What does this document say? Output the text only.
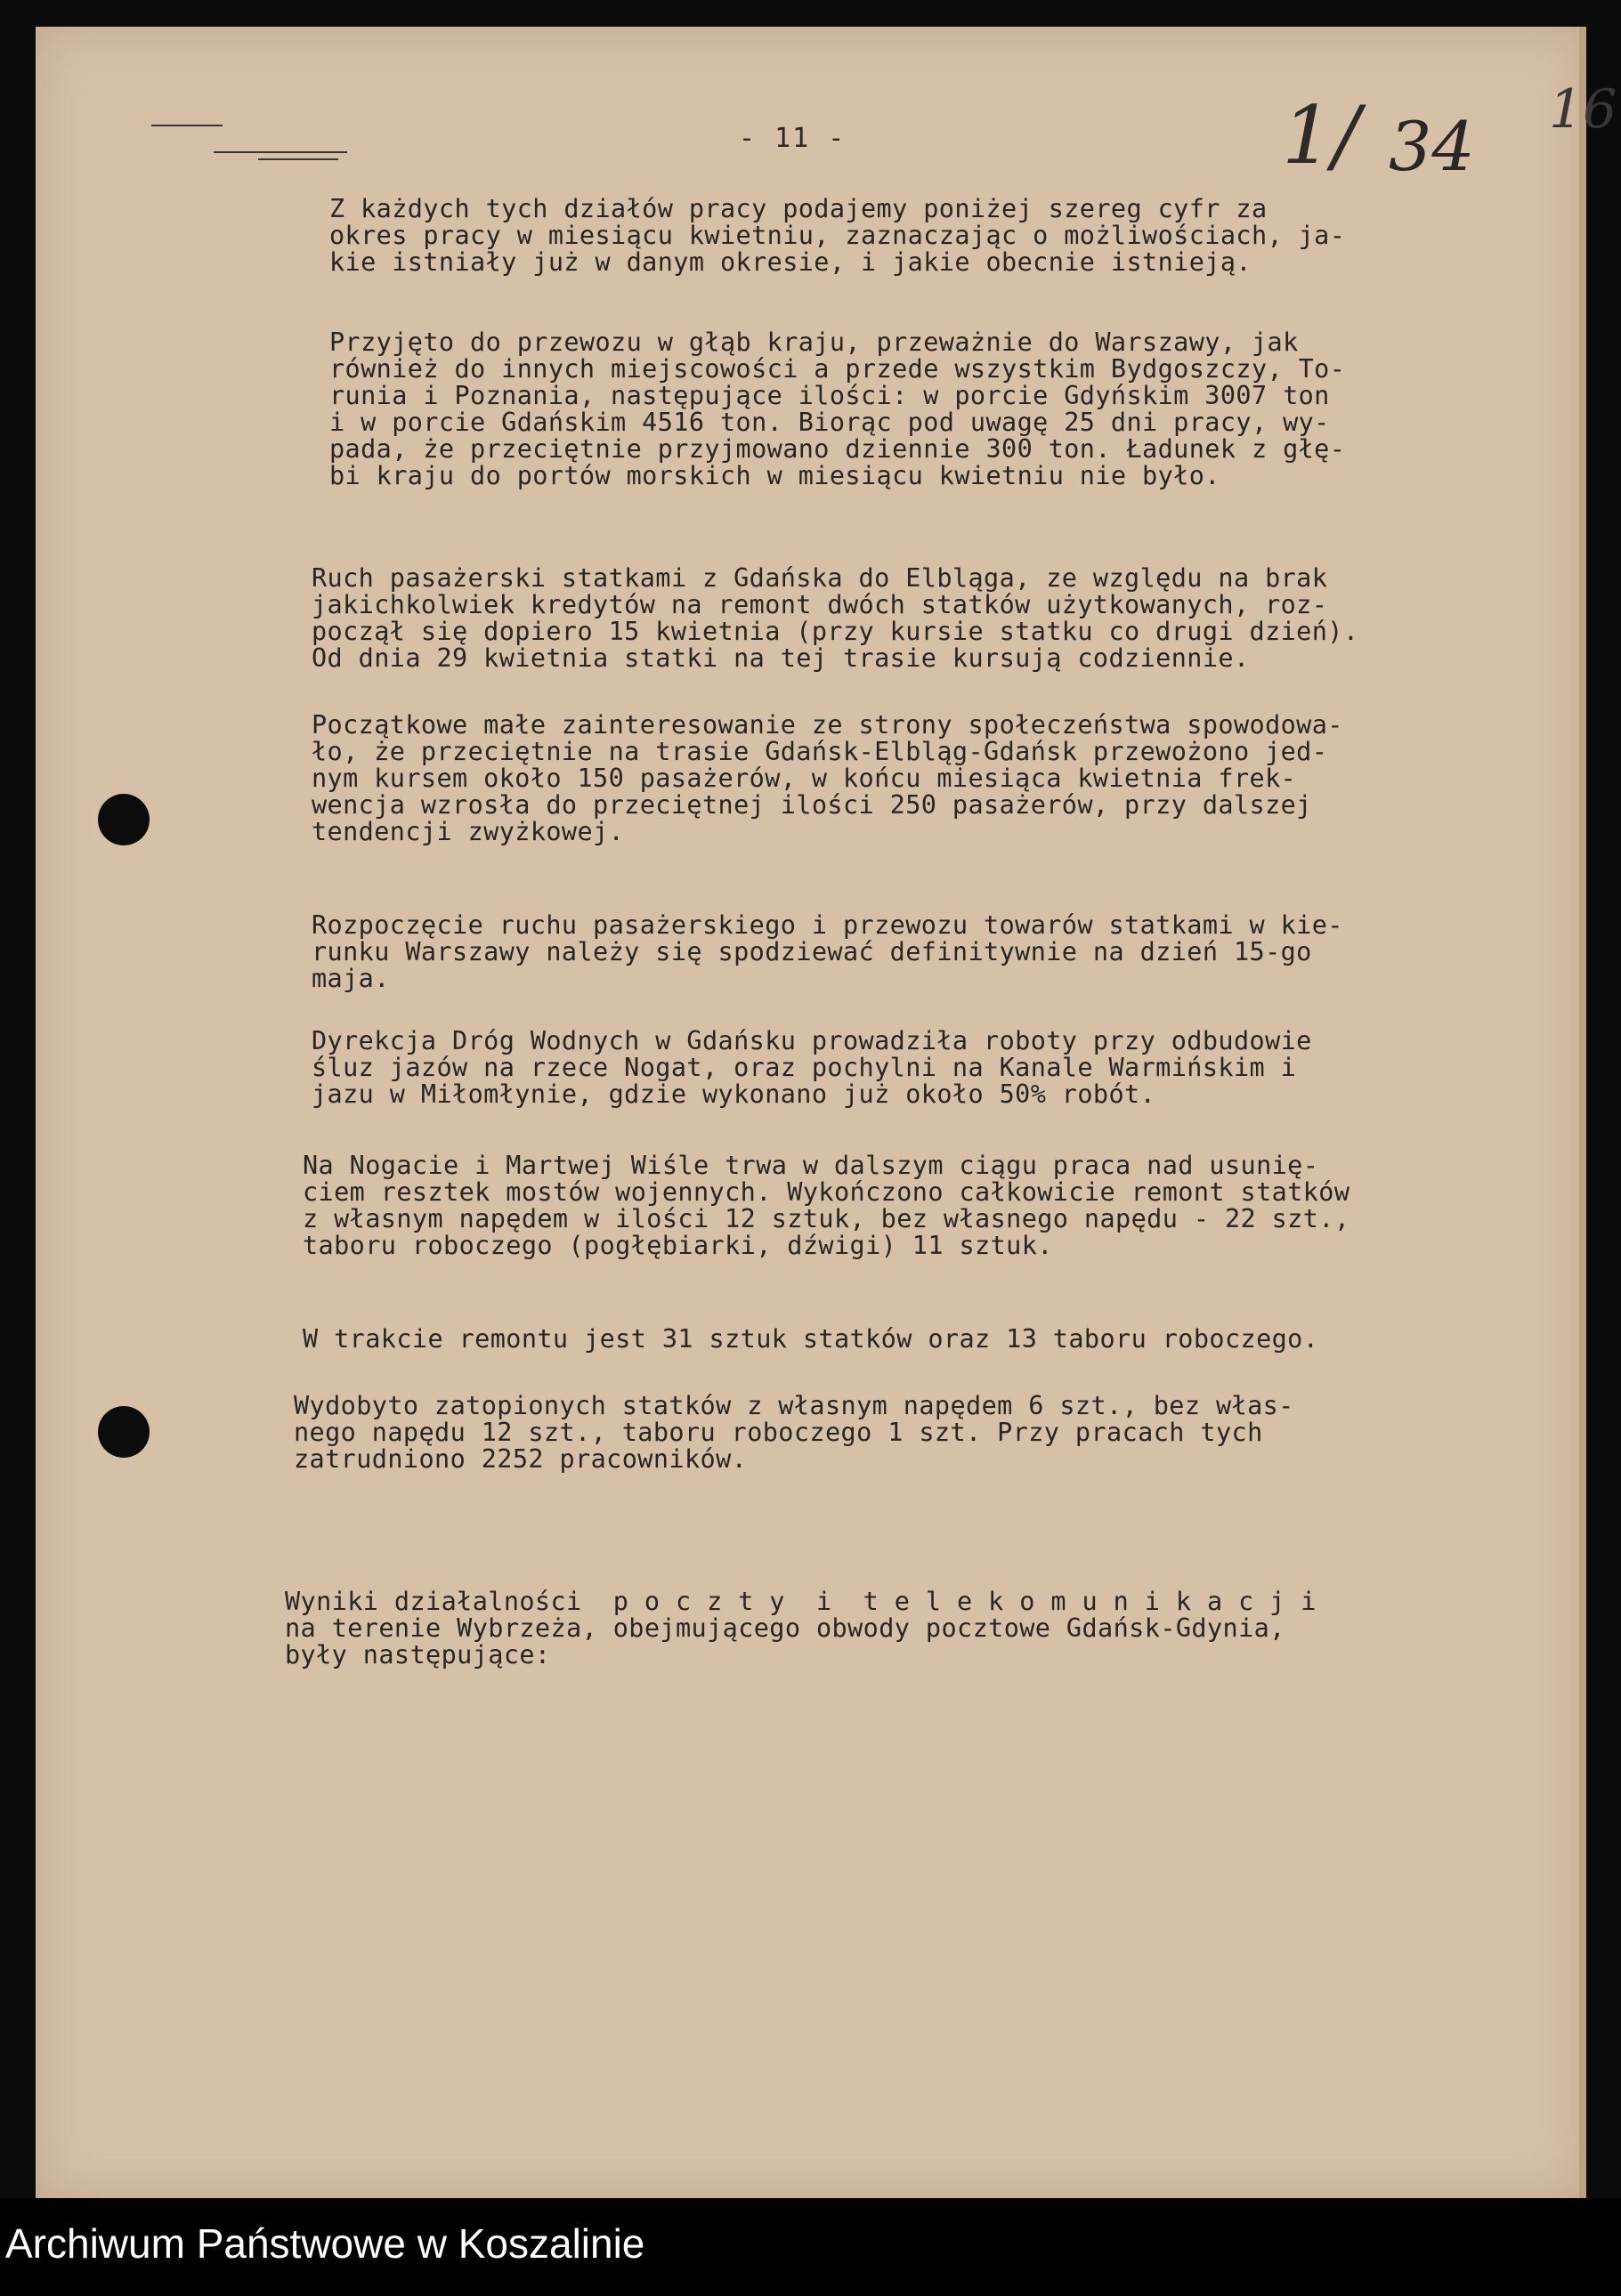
- 11 -	1/ 34 16

Z każdych tych działów pracy podajemy poniżej szereg cyfr za
okres pracy w miesiącu kwietniu, zaznaczając o możliwościach, ja-
kie istniały już w danym okresie, i jakie obecnie istnieją.

Przyjęto do przewozu w głąb kraju, przeważnie do Warszawy, jak
również do innych miejscowości a przede wszystkim Bydgoszczy, To-
runia i Poznania, następujące ilości: w porcie Gdyńskim 3007 ton
i w porcie Gdańskim 4516 ton. Biorąc pod uwagę 25 dni pracy, wy-
pada, że przeciętnie przyjmowano dziennie 300 ton. Ładunek z głę-
bi kraju do portów morskich w miesiącu kwietniu nie było.

Ruch pasażerski statkami z Gdańska do Elbląga, ze względu na brak
jakichkolwiek kredytów na remont dwóch statków użytkowanych, roz-
począł się dopiero 15 kwietnia (przy kursie statku co drugi dzień).
Od dnia 29 kwietnia statki na tej trasie kursują codziennie.

Początkowe małe zainteresowanie ze strony społeczeństwa spowodowa-
ło, że przeciętnie na trasie Gdańsk-Elbląg-Gdańsk przewożono jed-
nym kursem około 150 pasażerów, w końcu miesiąca kwietnia frek-
wencja wzrosła do przeciętnej ilości 250 pasażerów, przy dalszej
tendencji zwyżkowej.

Rozpoczęcie ruchu pasażerskiego i przewozu towarów statkami w kie-
runku Warszawy należy się spodziewać definitywnie na dzień 15-go
maja.

Dyrekcja Dróg Wodnych w Gdańsku prowadziła roboty przy odbudowie
śluz jazów na rzece Nogat, oraz pochylni na Kanale Warmińskim i
jazu w Miłomłynie, gdzie wykonano już około 50% robót.

Na Nogacie i Martwej Wiśle trwa w dalszym ciągu praca nad usunię-
ciem resztek mostów wojennych. Wykończono całkowicie remont statków
z własnym napędem w ilości 12 sztuk, bez własnego napędu - 22 szt.,
taboru roboczego (pogłębiarki, dźwigi) 11 sztuk.

W trakcie remontu jest 31 sztuk statków oraz 13 taboru roboczego.

Wydobyto zatopionych statków z własnym napędem 6 szt., bez włas-
nego napędu 12 szt., taboru roboczego 1 szt. Przy pracach tych
zatrudniono 2252 pracowników.

Wyniki działalności  p o c z t y  i  t e l e k o m u n i k a c j i
na terenie Wybrzeża, obejmującego obwody pocztowe Gdańsk-Gdynia,
były następujące:

Archiwum Państwowe w Koszalinie
